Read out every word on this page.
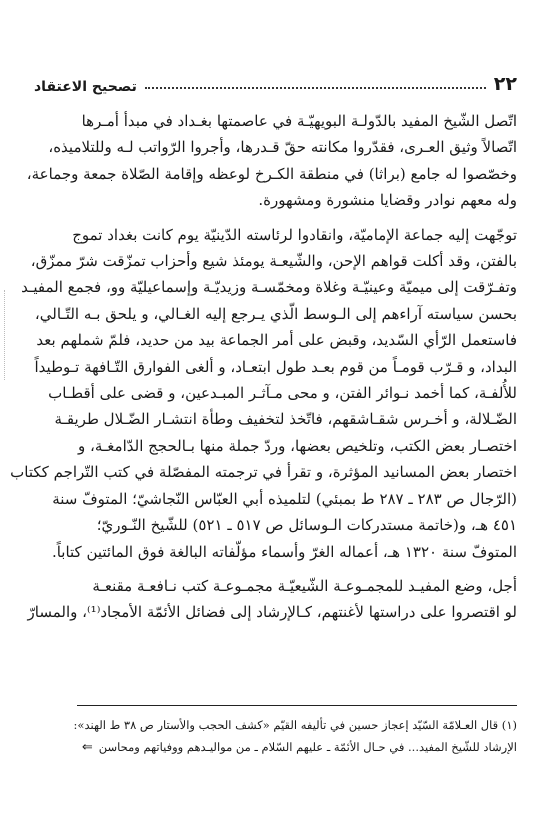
٢٢
تصحيح الاعتقاد

اتّصل الشّيخ المفيد بالدّولـة البويهيّـة في عاصمتها بغـداد في مبدأ أمـرها
اتّصالاً وثيق العـرى، فقدّروا مكانته حقّ قـدرها، وأجروا الرّواتب لـه وللتلاميذه،
وخصّصوا له جامع (براثا) في منطقة الكـرخ لوعظه وإقامة الصّلاة جمعة وجماعة،
وله معهم نوادر وقضايا منشورة ومشهورة.

توجّهت إليه جماعة الإماميّة، وانقادوا لرئاسته الدّينيّة يوم كانت بغداد تموج
بالفتن، وقد أكلت قواهم الإحن، والشّيعـة يومئذ شيع وأحزاب تمزّقت شرّ ممزّق،
وتفـرّقت إلى ميميّة وعينيّـة وغلاة ومخمّسـة وزيديّـة وإسماعيليّة وو، فجمع المفيـد
بحسن سياسته آراءهم إلى الـوسط الّذي يـرجع إليه الغـالي، و يلحق بـه التّـالي،
فاستعمل الرّأي السّديد، وقبض على أمر الجماعة بيد من حديد، فلمّ شملهم بعد
البداد، و قـرّب قومـاً من قوم بعـد طول ابتعـاد، و ألغى الفوارق التّـافهة تـوطيداً
للأُلفـة، كما أخمد نـوائر الفتن، و محى مـآثـر المبـدعين، و قضى على أقطـاب
الضّـلالة، و أخـرس شقـاشقهم، فاتّخذ لتخفيف وطأة انتشـار الضّـلال طريقـة
اختصـار بعض الكتب، وتلخيص بعضها، وردّ جملة منها بـالحجج الدّامغـة، و
اختصار بعض المسانيد المؤثرة، و تقرأ في ترجمته المفصّلة في كتب التّراجم ككتاب
(الرّجال ص ٢٨٣ ـ ٢٨٧ ط بمبئي) لتلميذه أبي العبّاس النّجاشيّ؛ المتوفّ سنة
٤٥١ هـ، و(خاتمة مستدركات الـوسائل ص ٥١٧ ـ ٥٢١) للشّيخ النّـوريّ؛
المتوفّ سنة ١٣٢٠ هـ، أعماله الغرّ وأسماء مؤلّفاته البالغة فوق المائتين كتاباً.

أجل، وضع المفيـد للمجمـوعـة الشّيعيّـة مجمـوعـة كتب نـافعـة مقنعـة
لو اقتصروا على دراستها لأغنتهم، كـالإرشاد إلى فضائل الأئمّة الأمجاد⁽¹⁾، والمسارّ

(١) قال العـلامّة السّيّد إعجاز حسين في تأليفه القيّم «كشف الحجب والأستار ص ٣٨ ط الهند»:
الإرشاد للشّيخ المفيد... في حـال الأئمّة ـ عليهم السّلام ـ من مواليـدهم ووفياتهم ومحاسن⇐
